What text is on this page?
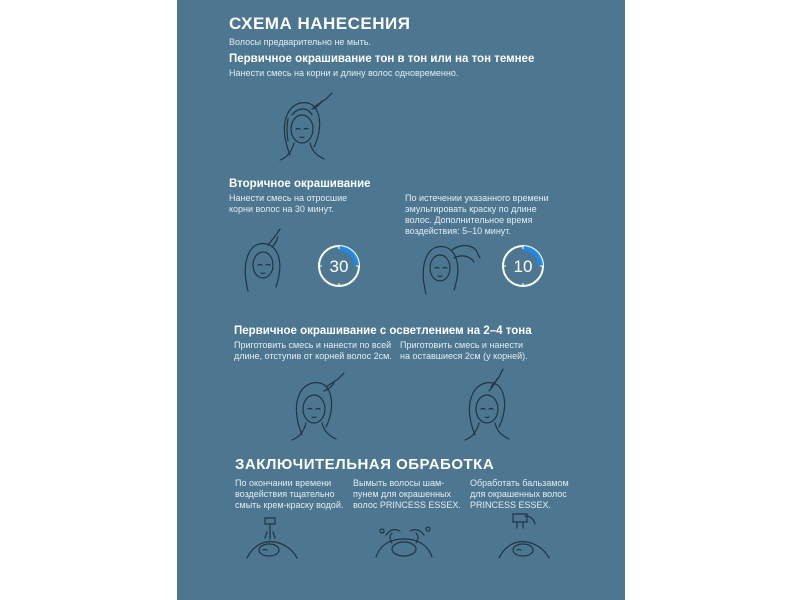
СХЕМА НАНЕСЕНИЯ
Волосы предварительно не мыть.
Первичное окрашивание тон в тон или на тон темнее
Нанести смесь на корни и длину волос одновременно.
Вторичное окрашивание
Нанести смесь на отросшие
корни волос на 30 минут.
По истечении указанного времени
эмульгировать краску по длине
волос. Дополнительное время
воздействия: 5–10 минут.
30	10
Первичное окрашивание с осветлением на 2–4 тона
Приготовить смесь и нанести по всей
длине, отступив от корней волос 2см.
Приготовить смесь и нанести
на оставшиеся 2см (у корней).
ЗАКЛЮЧИТЕЛЬНАЯ ОБРАБОТКА
По окончании времени
воздействия тщательно
смыть крем-краску водой.
Вымыть волосы шам-
пунем для окрашенных
волос PRINCESS ESSEX.
Обработать бальзамом
для окрашенных волос
PRINCESS ESSEX.
